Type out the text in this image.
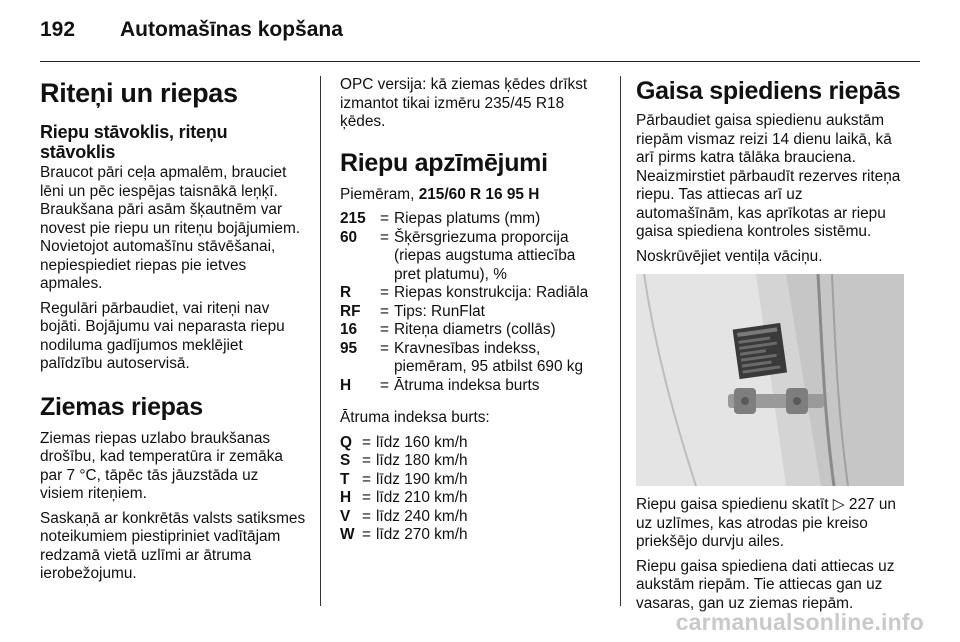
192 Automašīnas kopšana
Riteņi un riepas
Riepu stāvoklis, riteņu stāvoklis

Braucot pāri ceļa apmalēm, brauciet lēni un pēc iespējas taisnākā leņķī. Braukšana pāri asām šķautnēm var novest pie riepu un riteņu bojājumiem. Novietojot automašīnu stāvēšanai, nepiespiediet riepas pie ietves apmales.

Regulāri pārbaudiet, vai riteņi nav bojāti. Bojājumu vai neparasta riepu nodiluma gadījumos meklējiet palīdzību autoservisā.

Ziemas riepas

Ziemas riepas uzlabo braukšanas drošību, kad temperatūra ir zemāka par 7 °C, tāpēc tās jāuzstāda uz visiem riteņiem.

Saskaņā ar konkrētās valsts satiksmes noteikumiem piestipriniet vadītājam redzamā vietā uzlīmi ar ātruma ierobežojumu.

OPC versija: kā ziemas ķēdes drīkst izmantot tikai izmēru 235/45 R18 ķēdes.

Riepu apzīmējumi

Piemēram, 215/60 R 16 95 H

215 = Riepas platums (mm)
60	= Šķērsgriezuma proporcija (riepas augstuma attiecība pret platumu), %
R	= Riepas konstrukcija: Radiāla
RF	= Tips: RunFlat
16	= Riteņa diametrs (collās)
95	= Kravnesības indekss, piemēram, 95 atbilst 690 kg
H	= Ātruma indeksa burts

Ātruma indeksa burts:

Q = līdz 160 km/h
S = līdz 180 km/h
T = līdz 190 km/h
H = līdz 210 km/h
V = līdz 240 km/h
W = līdz 270 km/h
Gaisa spiediens riepās

Pārbaudiet gaisa spiedienu aukstām riepām vismaz reizi 14 dienu laikā, kā arī pirms katra tālāka brauciena. Neaizmirstiet pārbaudīt rezerves riteņa riepu. Tas attiecas arī uz automašīnām, kas aprīkotas ar riepu gaisa spiediena kontroles sistēmu.

Noskrūvējiet ventiļa vāciņu.

Riepu gaisa spiedienu skatīt ▷ 227 un uz uzlīmes, kas atrodas pie kreiso priekšējo durvju ailes.

Riepu gaisa spiediena dati attiecas uz aukstām riepām. Tie attiecas gan uz vasaras, gan uz ziemas riepām.

carmanualsonline.info
